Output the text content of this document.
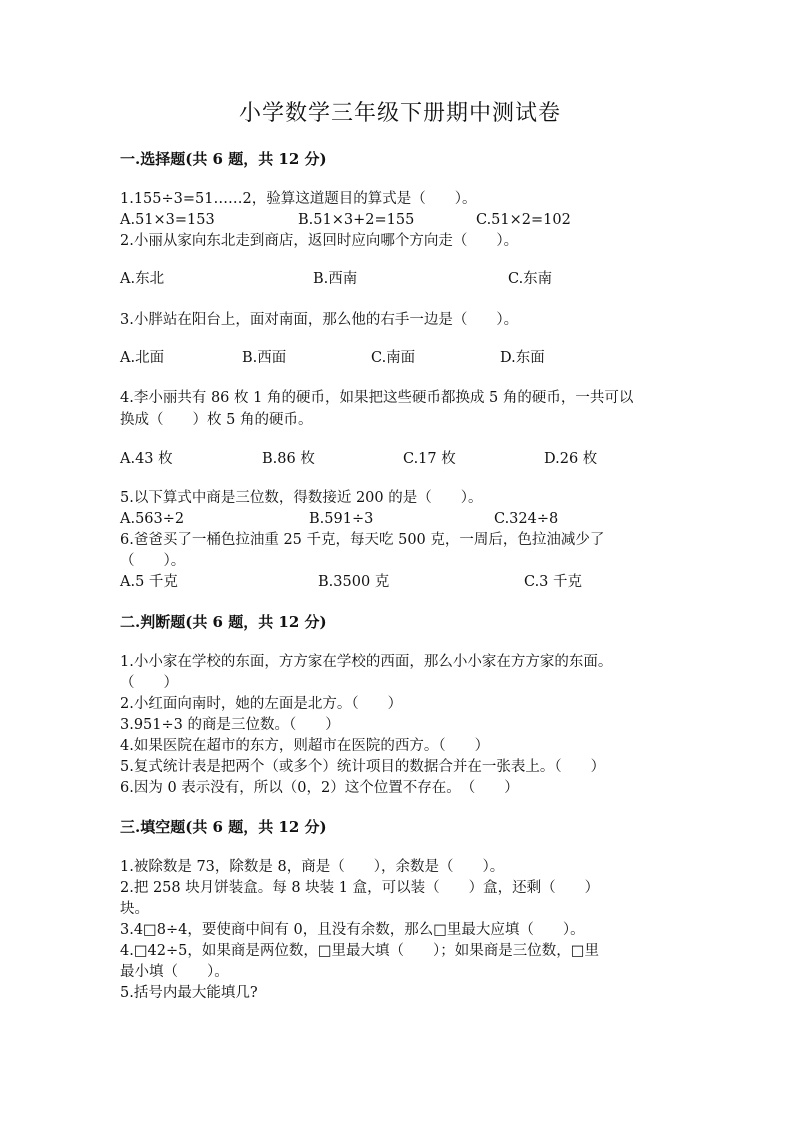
小学数学三年级下册期中测试卷
一.选择题(共 6 题，共 12 分)
1.155÷3=51……2，验算这道题目的算式是（　　）。
A.51×3=153	B.51×3+2=155	C.51×2=102
2.小丽从家向东北走到商店，返回时应向哪个方向走（　　）。
A.东北	B.西南	C.东南
3.小胖站在阳台上，面对南面，那么他的右手一边是（　　）。
A.北面	B.西面	C.南面	D.东面
4.李小丽共有 86 枚 1 角的硬币，如果把这些硬币都换成 5 角的硬币，一共可以
换成（　　）枚 5 角的硬币。
A.43 枚	B.86 枚	C.17 枚	D.26 枚
5.以下算式中商是三位数，得数接近 200 的是（　　）。
A.563÷2	B.591÷3	C.324÷8
6.爸爸买了一桶色拉油重 25 千克，每天吃 500 克，一周后，色拉油减少了
（　　）。
A.5 千克	B.3500 克	C.3 千克
二.判断题(共 6 题，共 12 分)
1.小小家在学校的东面，方方家在学校的西面，那么小小家在方方家的东面。
（　　）
2.小红面向南时，她的左面是北方。（　　）
3.951÷3 的商是三位数。（　　）
4.如果医院在超市的东方，则超市在医院的西方。（　　）
5.复式统计表是把两个（或多个）统计项目的数据合并在一张表上。（　　）
6.因为 0 表示没有，所以（0，2）这个位置不存在。　（　　）
三.填空题(共 6 题，共 12 分)
1.被除数是 73，除数是 8，商是（　　），余数是（　　）。
2.把 258 块月饼装盒。每 8 块装 1 盒，可以装（　　）盒，还剩（　　）
块。
3.4□8÷4，要使商中间有 0，且没有余数，那么□里最大应填（　　）。
4.□42÷5，如果商是两位数，□里最大填（　　）；如果商是三位数，□里
最小填（　　）。
5.括号内最大能填几?
